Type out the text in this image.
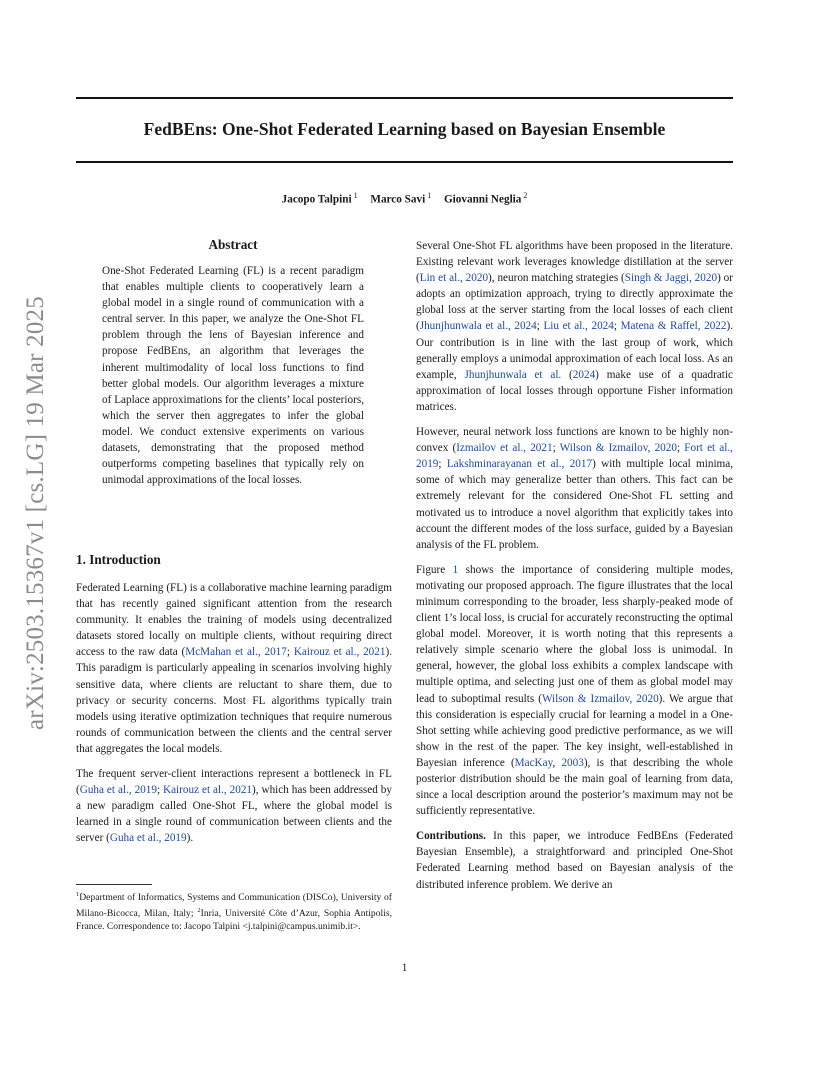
arXiv:2503.15367v1 [cs.LG] 19 Mar 2025
FedBEns: One-Shot Federated Learning based on Bayesian Ensemble
Jacopo Talpini $^1$ Marco Savi $^1$ Giovanni Neglia $^2$
Abstract

One-Shot Federated Learning (FL) is a recent paradigm that enables multiple clients to cooperatively learn a global model in a single round of communication with a central server. In this paper, we analyze the One-Shot FL problem through the lens of Bayesian inference and propose FedBEns, an algorithm that leverages the inherent multimodality of local loss functions to find better global models. Our algorithm leverages a mixture of Laplace approximations for the clients’ local posteriors, which the server then aggregates to infer the global model. We conduct extensive experiments on various datasets, demonstrating that the proposed method outperforms competing baselines that typically rely on unimodal approximations of the local losses.

1. Introduction

Federated Learning (FL) is a collaborative machine learning paradigm that has recently gained significant attention from the research community. It enables the training of models using decentralized datasets stored locally on multiple clients, without requiring direct access to the raw data (McMahan et al., 2017; Kairouz et al., 2021). This paradigm is particularly appealing in scenarios involving highly sensitive data, where clients are reluctant to share them, due to privacy or security concerns. Most FL algorithms typically train models using iterative optimization techniques that require numerous rounds of communication between the clients and the central server that aggregates the local models.

The frequent server-client interactions represent a bottleneck in FL (Guha et al., 2019; Kairouz et al., 2021), which has been addressed by a new paradigm called One-Shot FL, where the global model is learned in a single round of communication between clients and the server (Guha et al., 2019).

$^1$Department of Informatics, Systems and Communication (DISCo), University of Milano-Bicocca, Milan, Italy; $^2$Inria, Université Côte d’Azur, Sophia Antipolis, France. Correspondence to: Jacopo Talpini <j.talpini@campus.unimib.it>.

Several One-Shot FL algorithms have been proposed in the literature. Existing relevant work leverages knowledge distillation at the server (Lin et al., 2020), neuron matching strategies (Singh & Jaggi, 2020) or adopts an optimization approach, trying to directly approximate the global loss at the server starting from the local losses of each client (Jhunjhunwala et al., 2024; Liu et al., 2024; Matena & Raffel, 2022). Our contribution is in line with the last group of work, which generally employs a unimodal approximation of each local loss. As an example, Jhunjhunwala et al. (2024) make use of a quadratic approximation of local losses through opportune Fisher information matrices.

However, neural network loss functions are known to be highly non-convex (Izmailov et al., 2021; Wilson & Izmailov, 2020; Fort et al., 2019; Lakshminarayanan et al., 2017) with multiple local minima, some of which may generalize better than others. This fact can be extremely relevant for the considered One-Shot FL setting and motivated us to introduce a novel algorithm that explicitly takes into account the different modes of the loss surface, guided by a Bayesian analysis of the FL problem.

Figure 1 shows the importance of considering multiple modes, motivating our proposed approach. The figure illustrates that the local minimum corresponding to the broader, less sharply-peaked mode of client 1’s local loss, is crucial for accurately reconstructing the optimal global model. Moreover, it is worth noting that this represents a relatively simple scenario where the global loss is unimodal. In general, however, the global loss exhibits a complex landscape with multiple optima, and selecting just one of them as global model may lead to suboptimal results (Wilson & Izmailov, 2020). We argue that this consideration is especially crucial for learning a model in a One-Shot setting while achieving good predictive performance, as we will show in the rest of the paper. The key insight, well-established in Bayesian inference (MacKay, 2003), is that describing the whole posterior distribution should be the main goal of learning from data, since a local description around the posterior’s maximum may not be sufficiently representative.

Contributions. In this paper, we introduce FedBEns (Federated Bayesian Ensemble), a straightforward and principled One-Shot Federated Learning method based on Bayesian analysis of the distributed inference problem. We derive an

1
